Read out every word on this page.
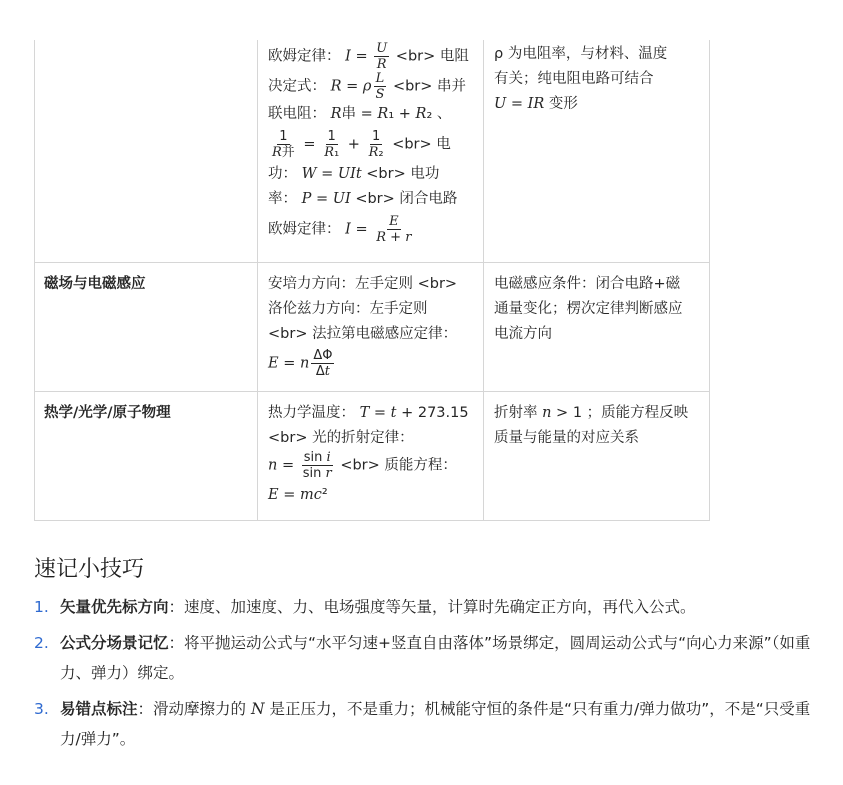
欧姆定律： $I = \frac{U}{R} <br>$ 电阻
决定式： R = ρ $\frac{L}{S} <br>$ 串并
联电阻： R串 = R₁ + R₂ 、
$\frac{1}{\text{R并}} = \frac{1}{\text{R₁}} + \frac{1}{\text{R₂}} <br>$ 电
功： W = UIt <br> 电功
率： P = UI <br> 闭合电路
欧姆定律： $I = \frac{E}{R + r}$
ρ 为电阻率，与材料、温度
有关；纯电阻电路可结合
U = IR 变形
磁场与电磁感应	安培力方向：左手定则 <br>
洛伦兹力方向：左手定则
<br> 法拉第电磁感应定律：
E = n $\frac{\Delta\Phi}{\Delta t}$
电磁感应条件：闭合电路+磁
通量变化；楞次定律判断感应
电流方向
热学/光学/原子物理	热力学温度： T = t + 273.15
<br> 光的折射定律：
$n = \frac{\text{sin i}}{\text{sin r}} <br>$ 质能方程：
E = mc²
折射率 n > 1 ；质能方程反映
质量与能量的对应关系
速记小技巧
1. 矢量优先标方向：速度、加速度、力、电场强度等矢量，计算时先确定正方向，再代入公式。
2. 公式分场景记忆：将平抛运动公式与“水平匀速+竖直自由落体”场景绑定，圆周运动公式与“向心力来源”（如重力、弹力）绑定。
3. 易错点标注：滑动摩擦力的 N 是正压力，不是重力；机械能守恒的条件是“只有重力/弹力做功”，不是“只受重力/弹力”。
